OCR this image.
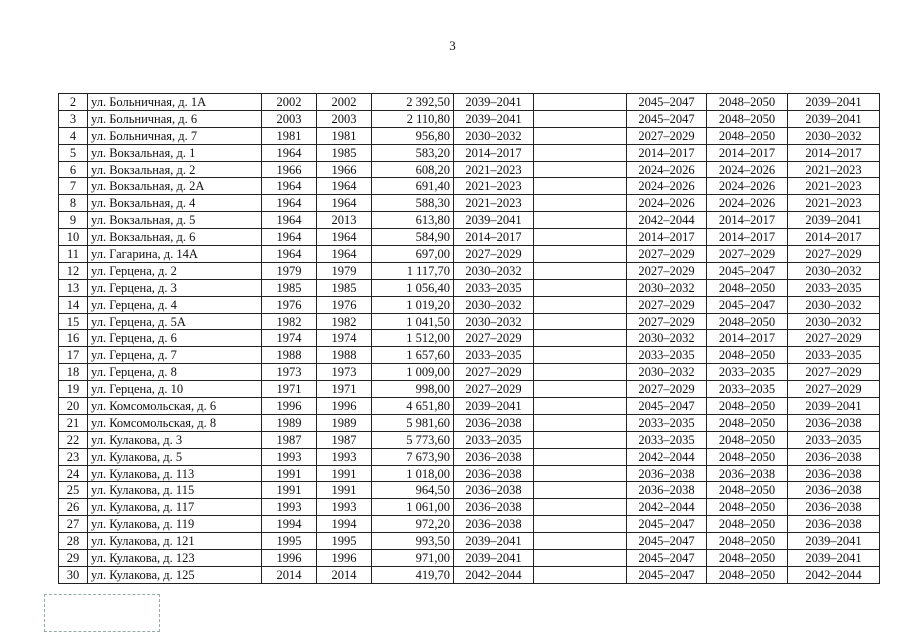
3
2	ул. Больничная, д. 1А	2002	2002	2 392,50	2039–2041		2045–2047	2048–2050	2039–2041
3	ул. Больничная, д. 6	2003	2003	2 110,80	2039–2041		2045–2047	2048–2050	2039–2041
4	ул. Больничная, д. 7	1981	1981	956,80	2030–2032		2027–2029	2048–2050	2030–2032
5	ул. Вокзальная, д. 1	1964	1985	583,20	2014–2017		2014–2017	2014–2017	2014–2017
6	ул. Вокзальная, д. 2	1966	1966	608,20	2021–2023		2024–2026	2024–2026	2021–2023
7	ул. Вокзальная, д. 2А	1964	1964	691,40	2021–2023		2024–2026	2024–2026	2021–2023
8	ул. Вокзальная, д. 4	1964	1964	588,30	2021–2023		2024–2026	2024–2026	2021–2023
9	ул. Вокзальная, д. 5	1964	2013	613,80	2039–2041		2042–2044	2014–2017	2039–2041
10	ул. Вокзальная, д. 6	1964	1964	584,90	2014–2017		2014–2017	2014–2017	2014–2017
11	ул. Гагарина, д. 14А	1964	1964	697,00	2027–2029		2027–2029	2027–2029	2027–2029
12	ул. Герцена, д. 2	1979	1979	1 117,70	2030–2032		2027–2029	2045–2047	2030–2032
13	ул. Герцена, д. 3	1985	1985	1 056,40	2033–2035		2030–2032	2048–2050	2033–2035
14	ул. Герцена, д. 4	1976	1976	1 019,20	2030–2032		2027–2029	2045–2047	2030–2032
15	ул. Герцена, д. 5А	1982	1982	1 041,50	2030–2032		2027–2029	2048–2050	2030–2032
16	ул. Герцена, д. 6	1974	1974	1 512,00	2027–2029		2030–2032	2014–2017	2027–2029
17	ул. Герцена, д. 7	1988	1988	1 657,60	2033–2035		2033–2035	2048–2050	2033–2035
18	ул. Герцена, д. 8	1973	1973	1 009,00	2027–2029		2030–2032	2033–2035	2027–2029
19	ул. Герцена, д. 10	1971	1971	998,00	2027–2029		2027–2029	2033–2035	2027–2029
20	ул. Комсомольская, д. 6	1996	1996	4 651,80	2039–2041		2045–2047	2048–2050	2039–2041
21	ул. Комсомольская, д. 8	1989	1989	5 981,60	2036–2038		2033–2035	2048–2050	2036–2038
22	ул. Кулакова, д. 3	1987	1987	5 773,60	2033–2035		2033–2035	2048–2050	2033–2035
23	ул. Кулакова, д. 5	1993	1993	7 673,90	2036–2038		2042–2044	2048–2050	2036–2038
24	ул. Кулакова, д. 113	1991	1991	1 018,00	2036–2038		2036–2038	2036–2038	2036–2038
25	ул. Кулакова, д. 115	1991	1991	964,50	2036–2038		2036–2038	2048–2050	2036–2038
26	ул. Кулакова, д. 117	1993	1993	1 061,00	2036–2038		2042–2044	2048–2050	2036–2038
27	ул. Кулакова, д. 119	1994	1994	972,20	2036–2038		2045–2047	2048–2050	2036–2038
28	ул. Кулакова, д. 121	1995	1995	993,50	2039–2041		2045–2047	2048–2050	2039–2041
29	ул. Кулакова, д. 123	1996	1996	971,00	2039–2041		2045–2047	2048–2050	2039–2041
30	ул. Кулакова, д. 125	2014	2014	419,70	2042–2044		2045–2047	2048–2050	2042–2044
